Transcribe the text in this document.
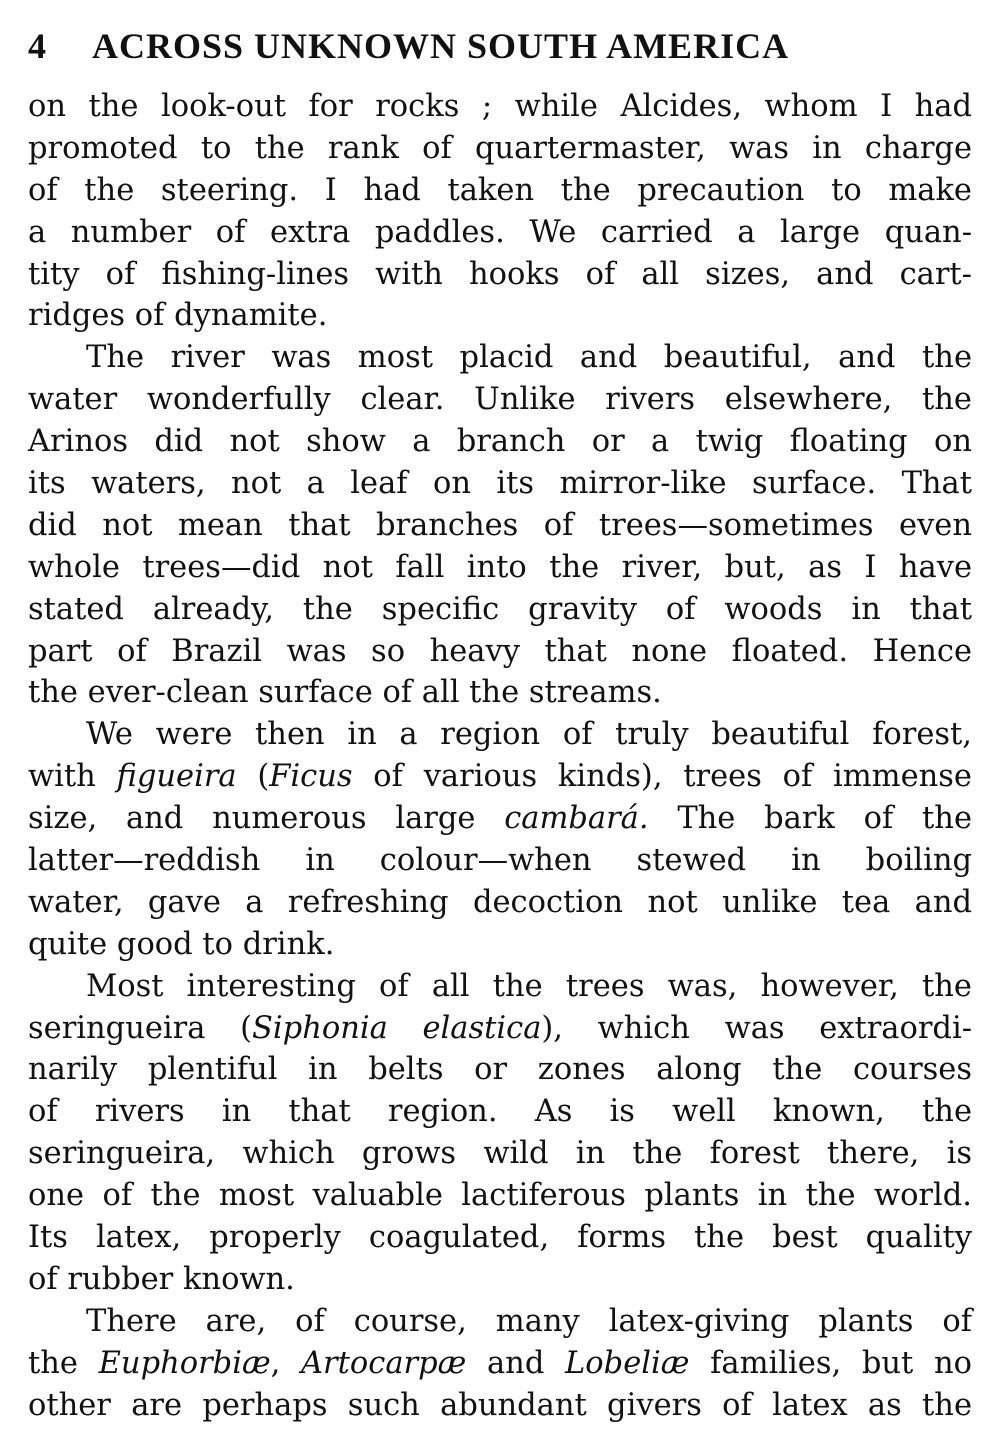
4 ACROSS UNKNOWN SOUTH AMERICA
on the look-out for rocks ; while Alcides, whom I had
promoted to the rank of quartermaster, was in charge
of the steering. I had taken the precaution to make
a number of extra paddles. We carried a large quan-
tity of fishing-lines with hooks of all sizes, and cart-
ridges of dynamite.
The river was most placid and beautiful, and the
water wonderfully clear. Unlike rivers elsewhere, the
Arinos did not show a branch or a twig floating on
its waters, not a leaf on its mirror-like surface. That
did not mean that branches of trees—sometimes even
whole trees—did not fall into the river, but, as I have
stated already, the specific gravity of woods in that
part of Brazil was so heavy that none floated. Hence
the ever-clean surface of all the streams.
We were then in a region of truly beautiful forest,
with figueira (Ficus of various kinds), trees of immense
size, and numerous large cambará. The bark of the
latter—reddish in colour—when stewed in boiling
water, gave a refreshing decoction not unlike tea and
quite good to drink.
Most interesting of all the trees was, however, the
seringueira (Siphonia elastica), which was extraordi-
narily plentiful in belts or zones along the courses
of rivers in that region. As is well known, the
seringueira, which grows wild in the forest there, is
one of the most valuable lactiferous plants in the world.
Its latex, properly coagulated, forms the best quality
of rubber known.
There are, of course, many latex-giving plants of
the Euphorbiæ, Artocarpæ and Lobeliæ families, but no
other are perhaps such abundant givers of latex as the
